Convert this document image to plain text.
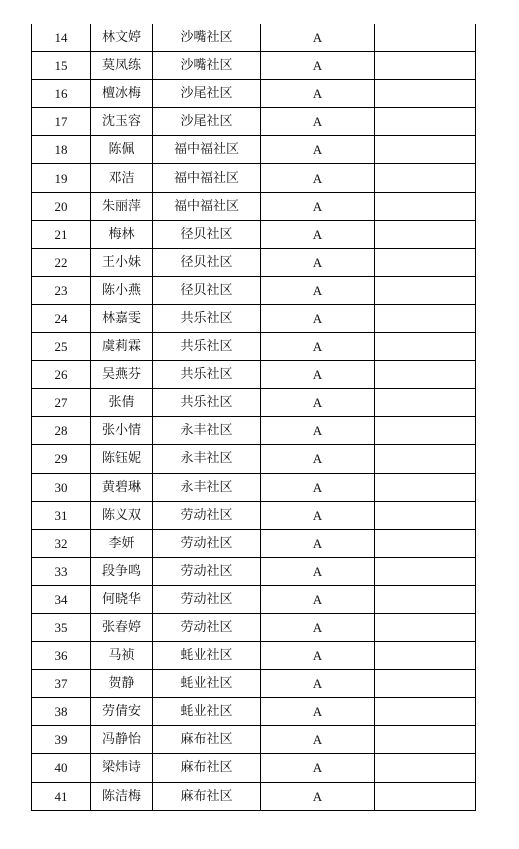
14	林文婷	沙嘴社区	A	
15	莫凤练	沙嘴社区	A	
16	檀冰梅	沙尾社区	A	
17	沈玉容	沙尾社区	A	
18	陈佩	福中福社区	A	
19	邓洁	福中福社区	A	
20	朱丽萍	福中福社区	A	
21	梅林	径贝社区	A	
22	王小妹	径贝社区	A	
23	陈小燕	径贝社区	A	
24	林嘉雯	共乐社区	A	
25	虞莉霖	共乐社区	A	
26	吴燕芬	共乐社区	A	
27	张倩	共乐社区	A	
28	张小情	永丰社区	A	
29	陈钰妮	永丰社区	A	
30	黄碧琳	永丰社区	A	
31	陈义双	劳动社区	A	
32	李妍	劳动社区	A	
33	段争鸣	劳动社区	A	
34	何晓华	劳动社区	A	
35	张春婷	劳动社区	A	
36	马祯	蚝业社区	A	
37	贺静	蚝业社区	A	
38	劳倩安	蚝业社区	A	
39	冯静怡	麻布社区	A	
40	梁炜诗	麻布社区	A	
41	陈洁梅	麻布社区	A	
